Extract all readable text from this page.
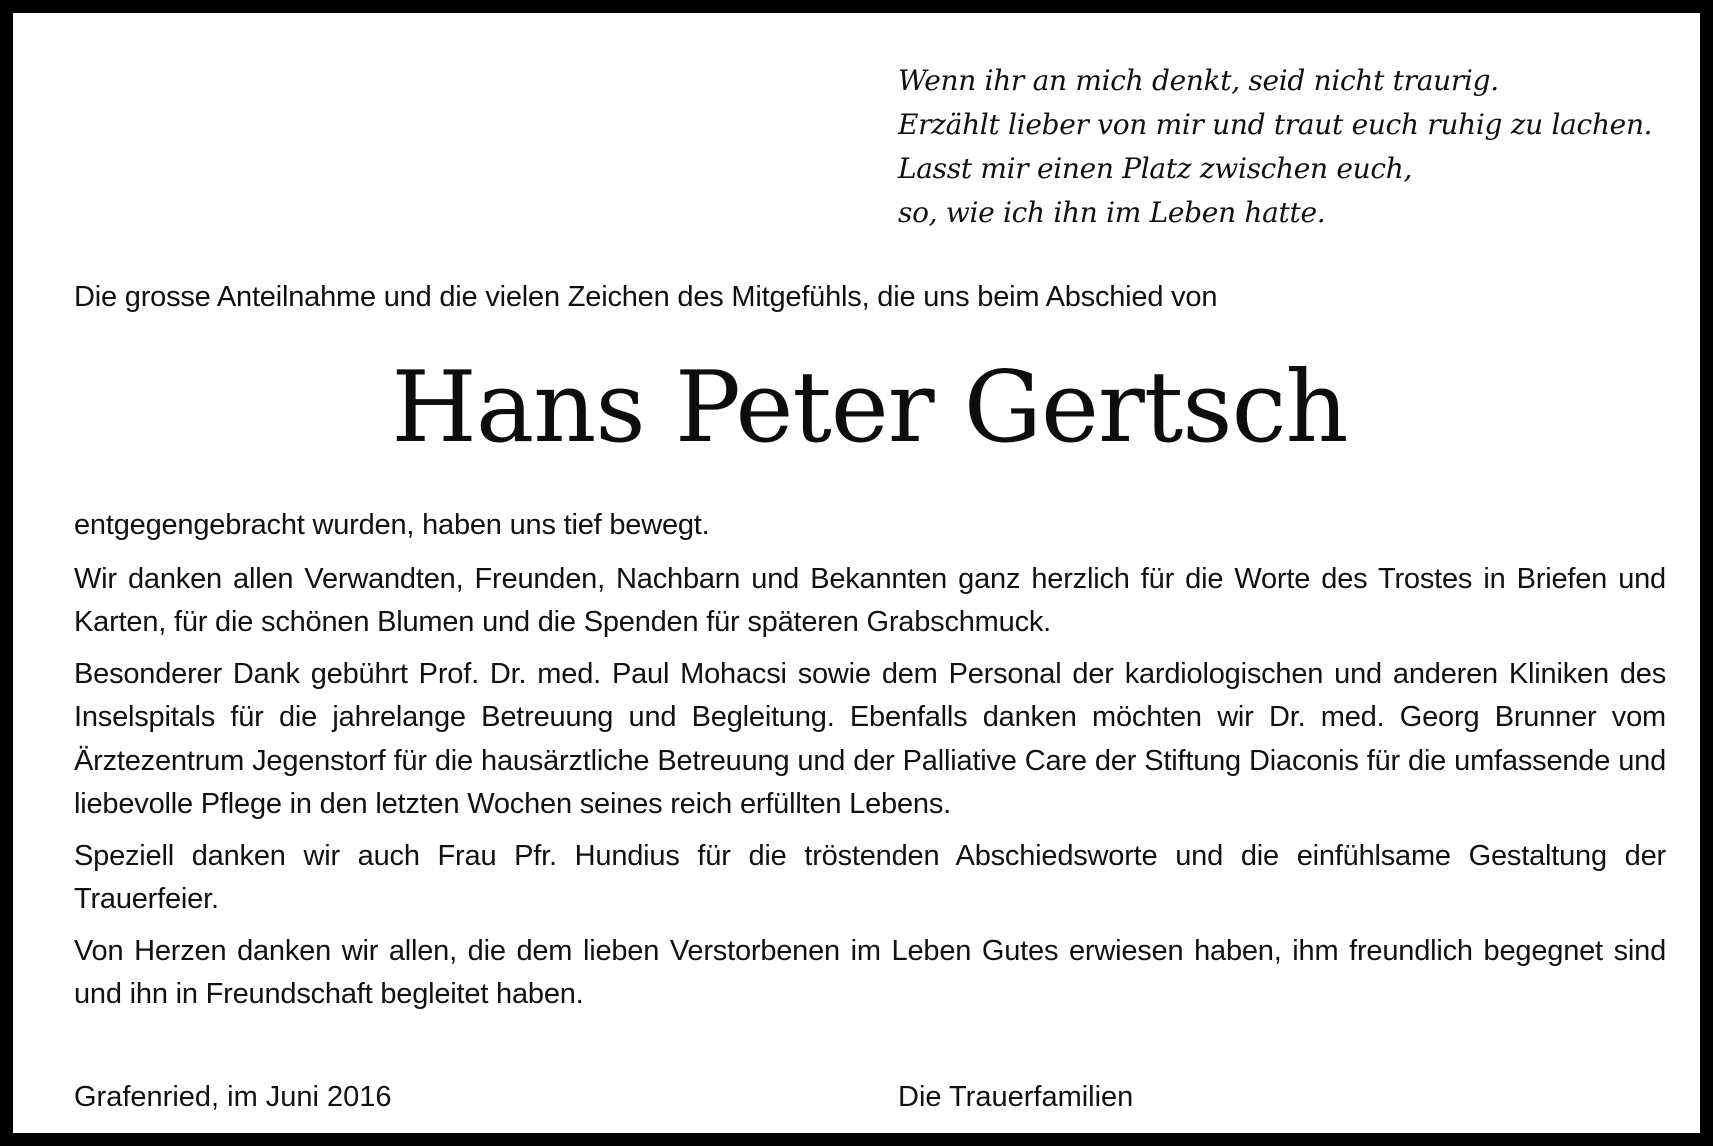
Wenn ihr an mich denkt, seid nicht traurig.
Erzählt lieber von mir und traut euch ruhig zu lachen.
Lasst mir einen Platz zwischen euch,
so, wie ich ihn im Leben hatte.
Die grosse Anteilnahme und die vielen Zeichen des Mitgefühls, die uns beim Abschied von
Hans Peter Gertsch

entgegengebracht wurden, haben uns tief bewegt.

Wir danken allen Verwandten, Freunden, Nachbarn und Bekannten ganz herzlich für die Worte des Trostes in Briefen und Karten, für die schönen Blumen und die Spenden für späteren Grabschmuck.

Besonderer Dank gebührt Prof. Dr. med. Paul Mohacsi sowie dem Personal der kardiologischen und anderen Kliniken des Inselspitals für die jahrelange Betreuung und Begleitung. Ebenfalls danken möchten wir Dr. med. Georg Brunner vom Ärztezentrum Jegenstorf für die hausärztliche Betreuung und der Palliative Care der Stiftung Diaconis für die umfassende und liebevolle Pflege in den letzten Wochen seines reich erfüllten Lebens.

Speziell danken wir auch Frau Pfr. Hundius für die tröstenden Abschiedsworte und die einfühlsame Gestaltung der Trauerfeier.

Von Herzen danken wir allen, die dem lieben Verstorbenen im Leben Gutes erwiesen haben, ihm freundlich begegnet sind und ihn in Freundschaft begleitet haben.

Grafenried, im Juni 2016	Die Trauerfamilien
